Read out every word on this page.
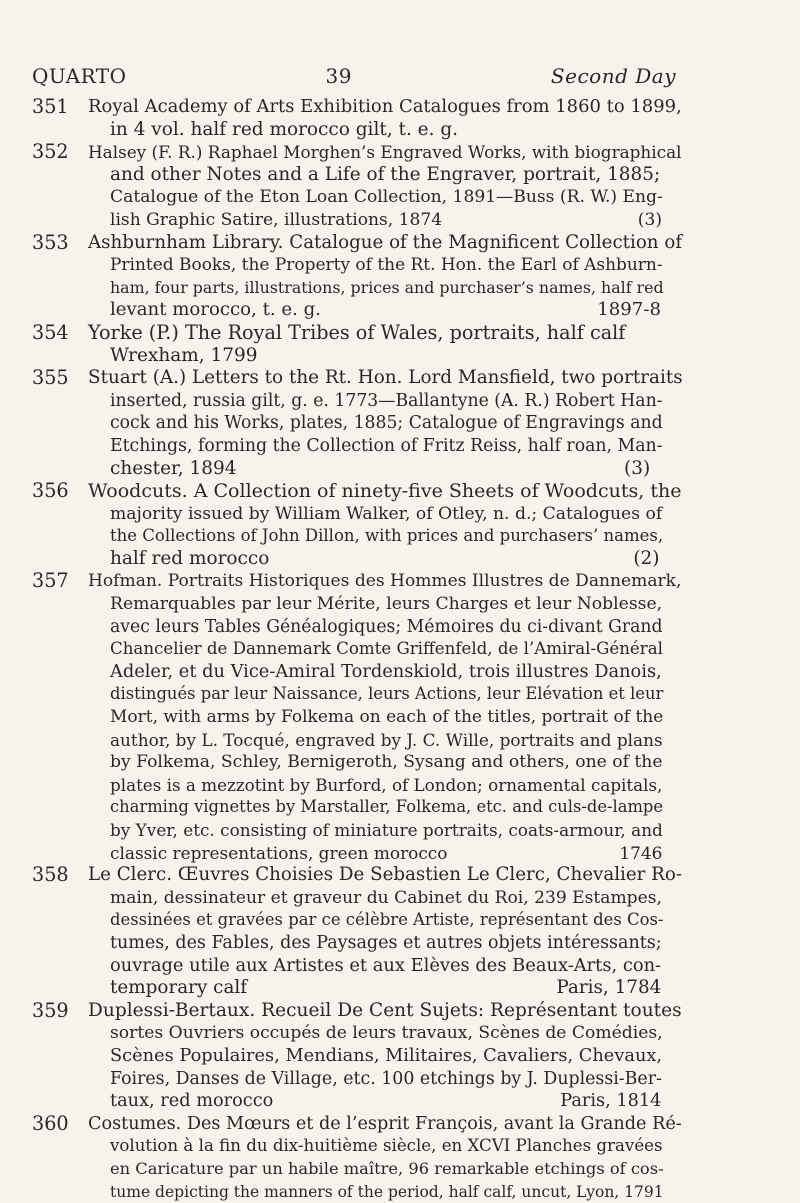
QUARTO	39	Second Day
351	Royal Academy of Arts Exhibition Catalogues from 1860 to 1899,
in 4 vol. half red morocco gilt, t. e. g.
352	Halsey (F. R.) Raphael Morghen’s Engraved Works, with biographical
and other Notes and a Life of the Engraver, portrait, 1885;
Catalogue of the Eton Loan Collection, 1891—Buss (R. W.) Eng-
lish Graphic Satire, illustrations, 1874                                    (3)
353	Ashburnham Library. Catalogue of the Magnificent Collection of
Printed Books, the Property of the Rt. Hon. the Earl of Ashburn-
ham, four parts, illustrations, prices and purchaser’s names, half red
levant morocco, t. e. g.                                                1897-8
354	Yorke (P.) The Royal Tribes of Wales, portraits, half calf
Wrexham, 1799
355	Stuart (A.) Letters to the Rt. Hon. Lord Mansfield, two portraits
inserted, russia gilt, g. e. 1773—Ballantyne (A. R.) Robert Han-
cock and his Works, plates, 1885; Catalogue of Engravings and
Etchings, forming the Collection of Fritz Reiss, half roan, Man-
chester, 1894                                                                  (3)
356	Woodcuts. A Collection of ninety-five Sheets of Woodcuts, the
majority issued by William Walker, of Otley, n. d.; Catalogues of
the Collections of John Dillon, with prices and purchasers’ names,
half red morocco                                                              (2)
357	Hofman. Portraits Historiques des Hommes Illustres de Dannemark,
Remarquables par leur Mérite, leurs Charges et leur Noblesse,
avec leurs Tables Généalogiques; Mémoires du ci-divant Grand
Chancelier de Dannemark Comte Griffenfeld, de l’Amiral-Général
Adeler, et du Vice-Amiral Tordenskiold, trois illustres Danois,
distingués par leur Naissance, leurs Actions, leur Elévation et leur
Mort, with arms by Folkema on each of the titles, portrait of the
author, by L. Tocqué, engraved by J. C. Wille, portraits and plans
by Folkema, Schley, Bernigeroth, Sysang and others, one of the
plates is a mezzotint by Burford, of London; ornamental capitals,
charming vignettes by Marstaller, Folkema, etc. and culs-de-lampe
by Yver, etc. consisting of miniature portraits, coats-armour, and
classic representations, green morocco                                1746
358	Le Clerc. Œuvres Choisies De Sebastien Le Clerc, Chevalier Ro-
main, dessinateur et graveur du Cabinet du Roi, 239 Estampes,
dessinées et gravées par ce célèbre Artiste, représentant des Cos-
tumes, des Fables, des Paysages et autres objets intéressants;
ouvrage utile aux Artistes et aux Elèves des Beaux-Arts, con-
temporary calf                                                     Paris, 1784
359	Duplessi-Bertaux. Recueil De Cent Sujets: Représentant toutes
sortes Ouvriers occupés de leurs travaux, Scènes de Comédies,
Scènes Populaires, Mendians, Militaires, Cavaliers, Chevaux,
Foires, Danses de Village, etc. 100 etchings by J. Duplessi-Ber-
taux, red morocco                                                   Paris, 1814
360	Costumes. Des Mœurs et de l’esprit François, avant la Grande Ré-
volution à la fin du dix-huitième siècle, en XCVI Planches gravées
en Caricature par un habile maître, 96 remarkable etchings of cos-
tume depicting the manners of the period, half calf, uncut, Lyon, 1791
